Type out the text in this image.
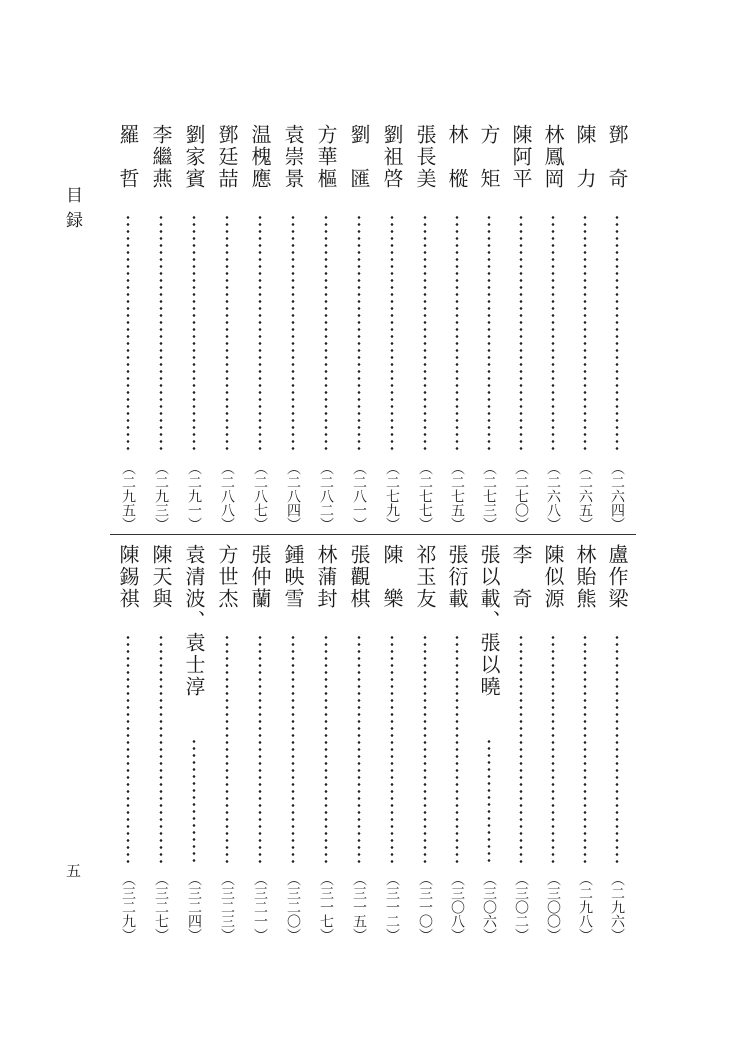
目録
五
鄧　奇
（二六四）
陳　力
（二六五）
林鳳岡
（二六八）
陳阿平
（二七〇）
方　矩
（二七三）
林　樅
（二七五）
張長美
（二七七）
劉祖啓
（二七九）
劉　匯
（二八一）
方華樞
（二八二）
袁崇景
（二八四）
温槐應
（二八七）
鄧廷喆
（二八八）
劉家賓
（二九一）
李繼燕
（二九三）
羅　哲
（二九五）
盧作梁
（二九六）
林貽熊
（二九八）
陳似源
（三〇〇）
李　奇
（三〇二）
張以載、張以曉
（三〇六）
張衍載
（三〇八）
祁玉友
（三一〇）
陳　樂
（三一二）
張觀棋
（三一五）
林蒲封
（三一七）
鍾映雪
（三二〇）
張仲蘭
（三二一）
方世杰
（三二三）
袁清波、袁士淳
（三二四）
陳天與
（三二七）
陳錫祺
（三二九）
